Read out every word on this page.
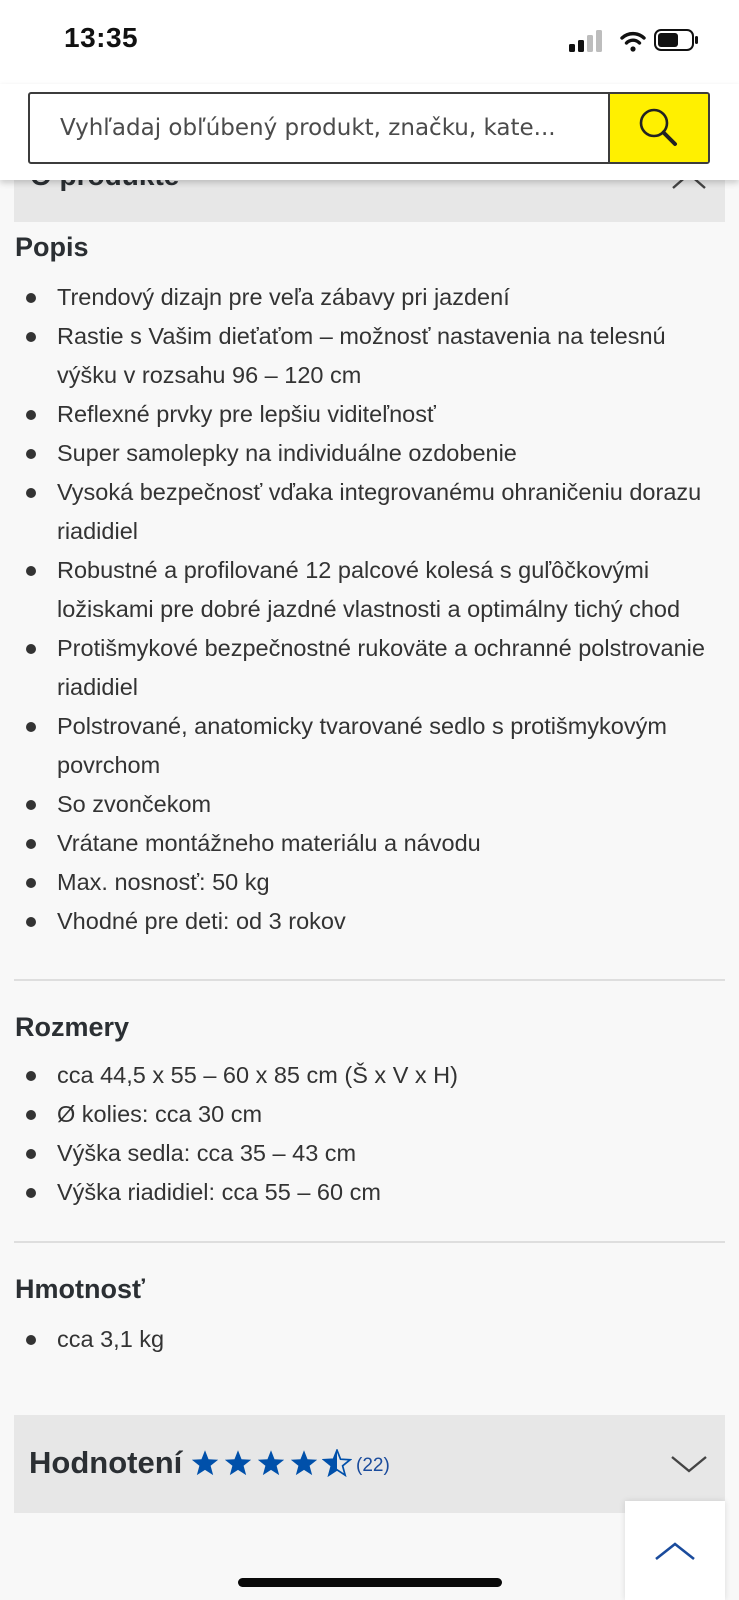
13:35
Vyhľadaj obľúbený produkt, značku, kate...
Popis
Trendový dizajn pre veľa zábavy pri jazdení
Rastie s Vašim dieťaťom – možnosť nastavenia na telesnú výšku v rozsahu 96 – 120 cm
Reflexné prvky pre lepšiu viditeľnosť
Super samolepky na individuálne ozdobenie
Vysoká bezpečnosť vďaka integrovanému ohraničeniu dorazu riadidiel
Robustné a profilované 12 palcové kolesá s guľôčkovými ložiskami pre dobré jazdné vlastnosti a optimálny tichý chod
Protišmykové bezpečnostné rukoväte a ochranné polstrovanie riadidiel
Polstrované, anatomicky tvarované sedlo s protišmykovým povrchom
So zvončekom
Vrátane montážneho materiálu a návodu
Max. nosnosť: 50 kg
Vhodné pre deti: od 3 rokov
Rozmery
cca 44,5 x 55 – 60 x 85 cm (Š x V x H)
Ø kolies: cca 30 cm
Výška sedla: cca 35 – 43 cm
Výška riadidiel: cca 55 – 60 cm
Hmotnosť
cca 3,1 kg
Hodnotení	(22)
